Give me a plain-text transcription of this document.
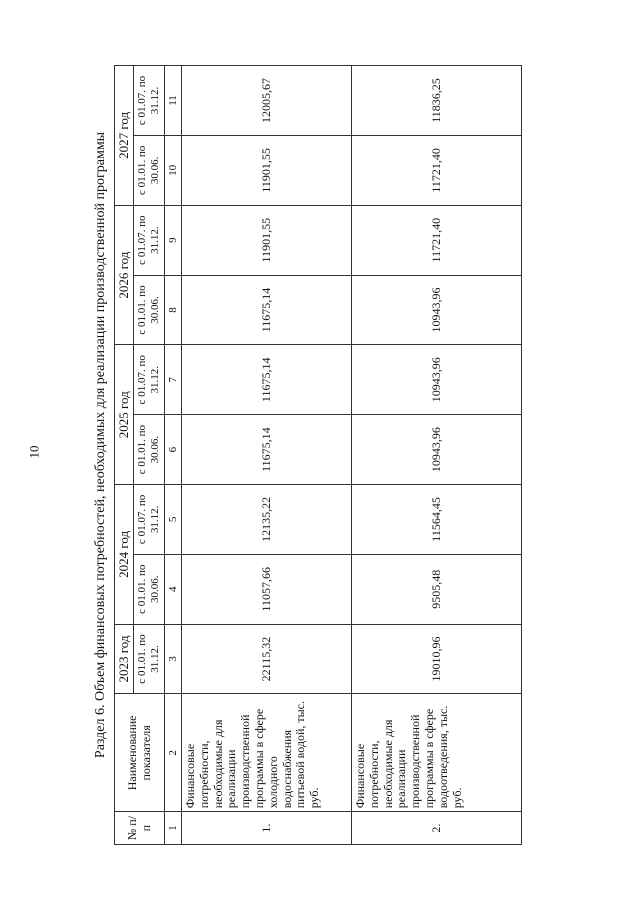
10	Раздел 6. Объем финансовых потребностей, необходимых для реализации производственной программы
№ п/п	Наименование показателя	2023 год	2024 год		2025 год		2026 год		2027 год	
		с 01.01. по 31.12.	с 01.01. по 30.06.	с 01.07. по 31.12.	с 01.01. по 30.06.	с 01.07. по 31.12.	с 01.01. по 30.06.	с 01.07. по 31.12.	с 01.01. по 30.06.	с 01.07. по 31.12.
1	2	3	4	5	6	7	8	9	10	11
1.	Финансовые потребности, необходимые для реализации производственной программы в сфере холодного водоснабжения питьевой водой, тыс. руб.	22115,32	11057,66	12135,22	11675,14	11675,14	11675,14	11901,55	11901,55	12005,67
2.	Финансовые потребности, необходимые для реализации производственной программы в сфере водоотведения, тыс. руб.	19010,96	9505,48	11564,45	10943,96	10943,96	10943,96	11721,40	11721,40	11836,25
